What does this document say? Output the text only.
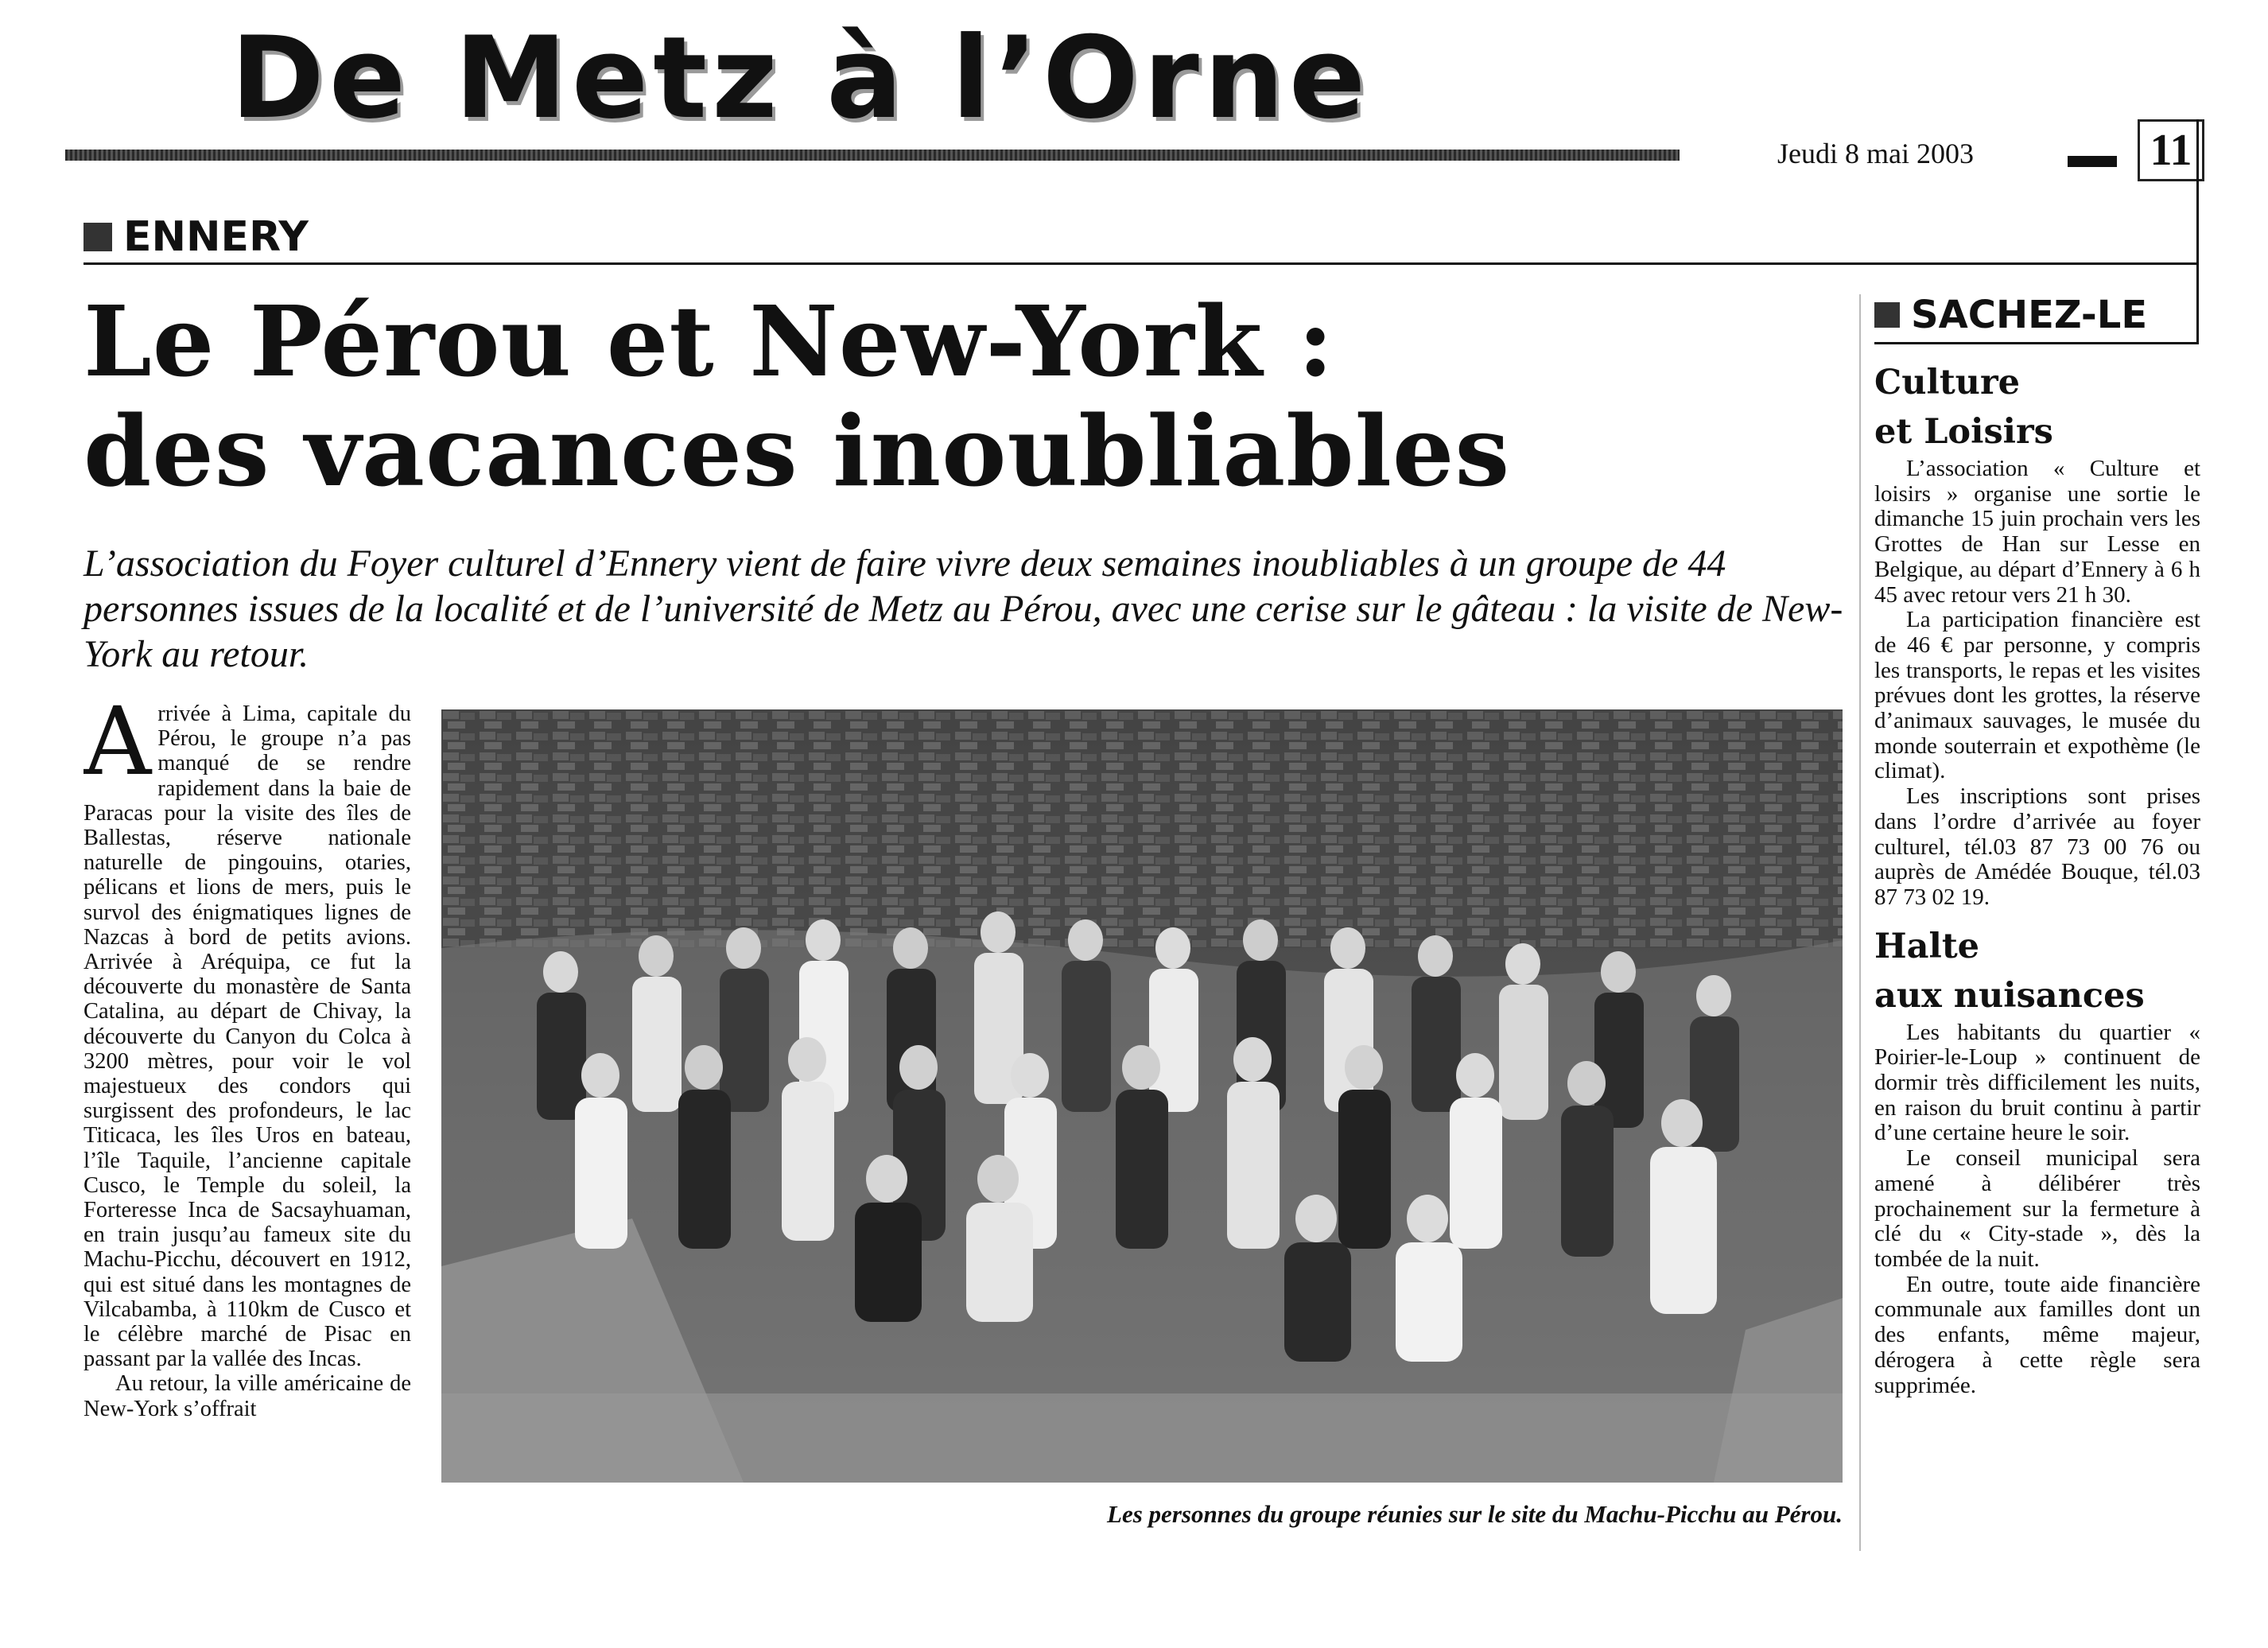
De Metz à l’Orne
Jeudi 8 mai 2003	11
ENNERY
Le Pérou et New-York :
des vacances inoubliables
L’association du Foyer culturel d’Ennery vient de faire vivre deux semaines inoubliables à un groupe de 44 personnes issues de la localité et de l’université de Metz au Pérou, avec une cerise sur le gâteau : la visite de New-York au retour.

Arrivée à Lima, capitale du Pérou, le groupe n’a pas manqué de se rendre rapidement dans la baie de Paracas pour la visite des îles de Ballestas, réserve nationale naturelle de pingouins, otaries, pélicans et lions de mers, puis le survol des énigmatiques lignes de Nazcas à bord de petits avions. Arrivée à Aréquipa, ce fut la découverte du monastère de Santa Catalina, au départ de Chivay, la découverte du Canyon du Colca à 3200 mètres, pour voir le vol majestueux des condors qui surgissent des profondeurs, le lac Titicaca, les îles Uros en bateau, l’île Taquile, l’ancienne capitale Cusco, le Temple du soleil, la Forteresse Inca de Sacsayhuaman, en train jusqu’au fameux site du Machu-Picchu, découvert en 1912, qui est situé dans les montagnes de Vilcabamba, à 110km de Cusco et le célèbre marché de Pisac en passant par la vallée des Incas.

Au retour, la ville américaine de New-York s’offrait

Les personnes du groupe réunies sur le site du Machu-Picchu au Pérou.
SACHEZ-LE
Culture
et Loisirs

L’association « Culture et loisirs » organise une sortie le dimanche 15 juin prochain vers les Grottes de Han sur Lesse en Belgique, au départ d’Ennery à 6 h 45 avec retour vers 21 h 30.

La participation financière est de 46 € par personne, y compris les transports, le repas et les visites prévues dont les grottes, la réserve d’animaux sauvages, le musée du monde souterrain et expothème (le climat).

Les inscriptions sont prises dans l’ordre d’arrivée au foyer culturel, tél.03 87 73 00 76 ou auprès de Amédée Bouque, tél.03 87 73 02 19.

Halte
aux nuisances

Les habitants du quartier « Poirier-le-Loup » continuent de dormir très difficilement les nuits, en raison du bruit continu à partir d’une certaine heure le soir.

Le conseil municipal sera amené à délibérer très prochainement sur la fermeture à clé du « City-stade », dès la tombée de la nuit.

En outre, toute aide financière communale aux familles dont un des enfants, même majeur, dérogera à cette règle sera supprimée.
